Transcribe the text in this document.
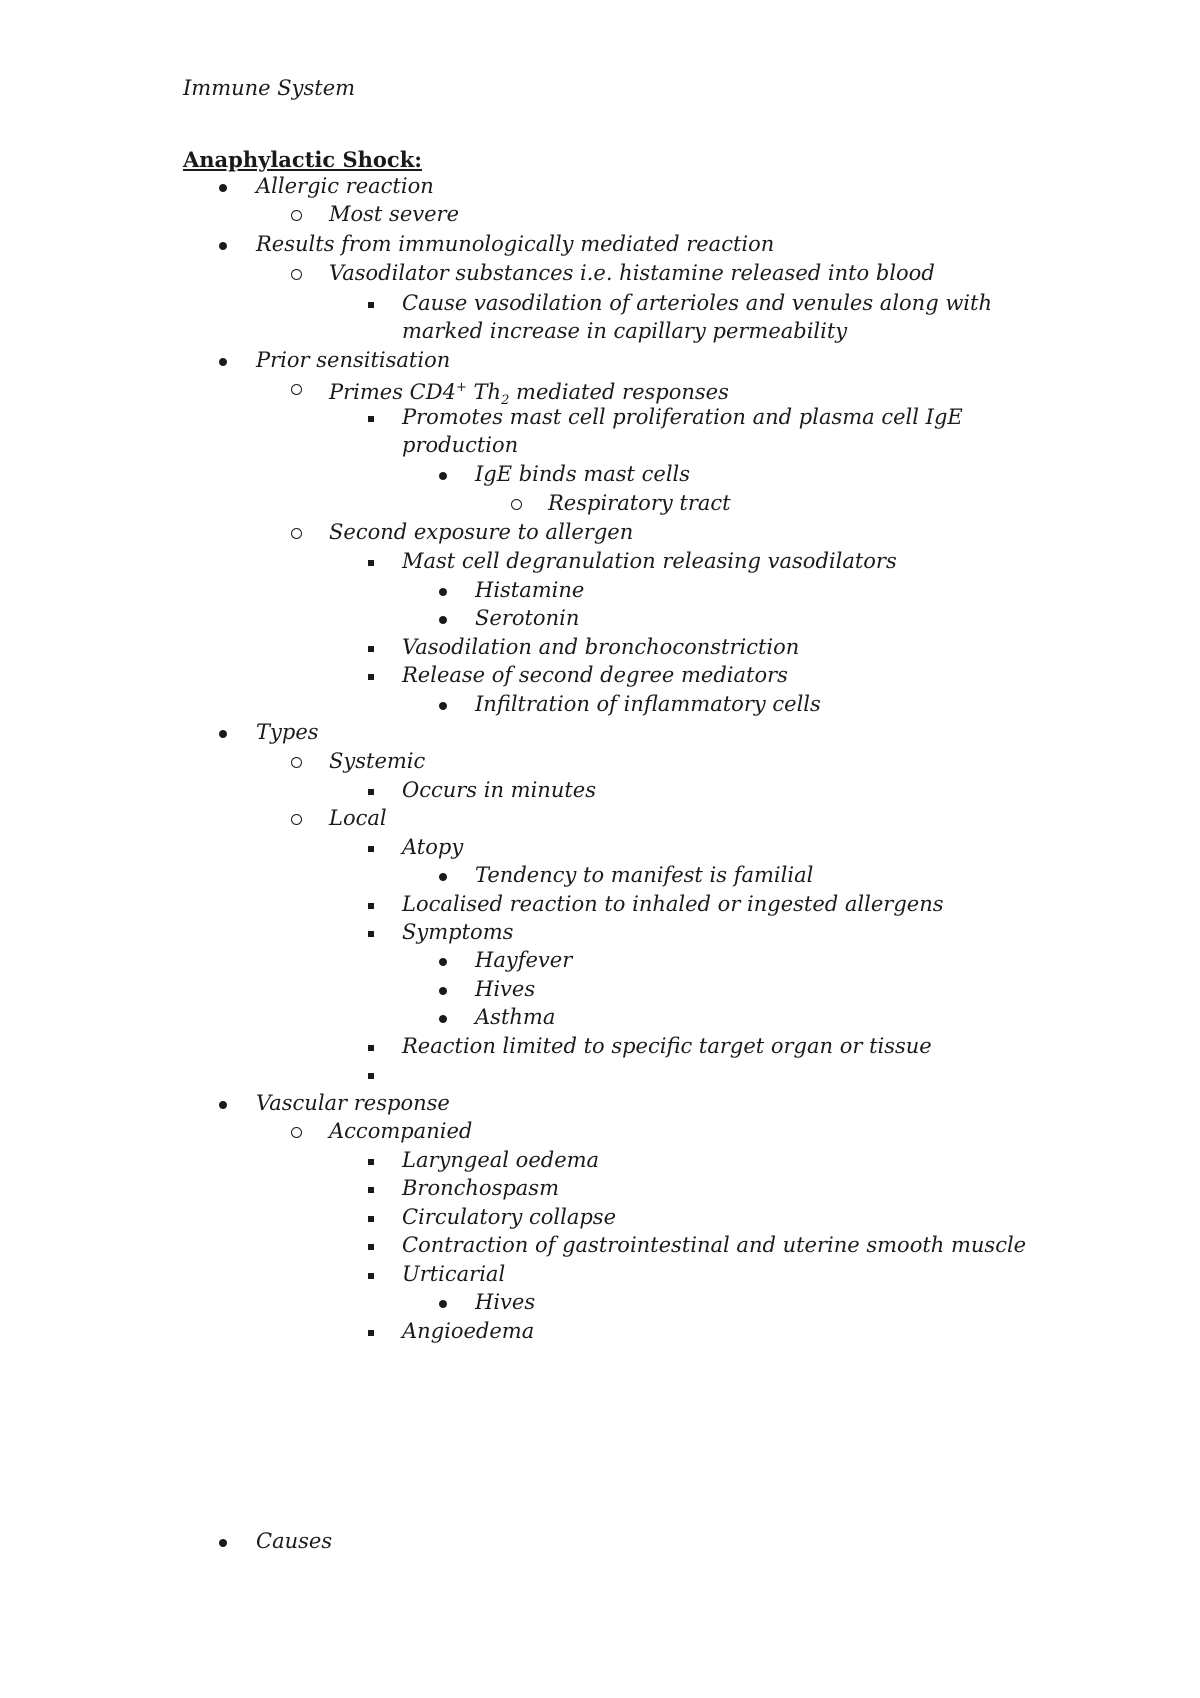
Immune System
Anaphylactic Shock:
Allergic reaction
Most severe
Results from immunologically mediated reaction
Vasodilator substances i.e. histamine released into blood
Cause vasodilation of arterioles and venules along with
marked increase in capillary permeability
Prior sensitisation
Primes CD4+ $Th_2$ mediated responses
Promotes mast cell proliferation and plasma cell IgE
production
IgE binds mast cells
Respiratory tract
Second exposure to allergen
Mast cell degranulation releasing vasodilators
Histamine
Serotonin
Vasodilation and bronchoconstriction
Release of second degree mediators
Infiltration of inflammatory cells
Types
Systemic
Occurs in minutes
Local
Atopy
Tendency to manifest is familial
Localised reaction to inhaled or ingested allergens
Symptoms
Hayfever
Hives
Asthma
Reaction limited to specific target organ or tissue
Vascular response
Accompanied
Laryngeal oedema
Bronchospasm
Circulatory collapse
Contraction of gastrointestinal and uterine smooth muscle
Urticarial
Hives
Angioedema
Causes
